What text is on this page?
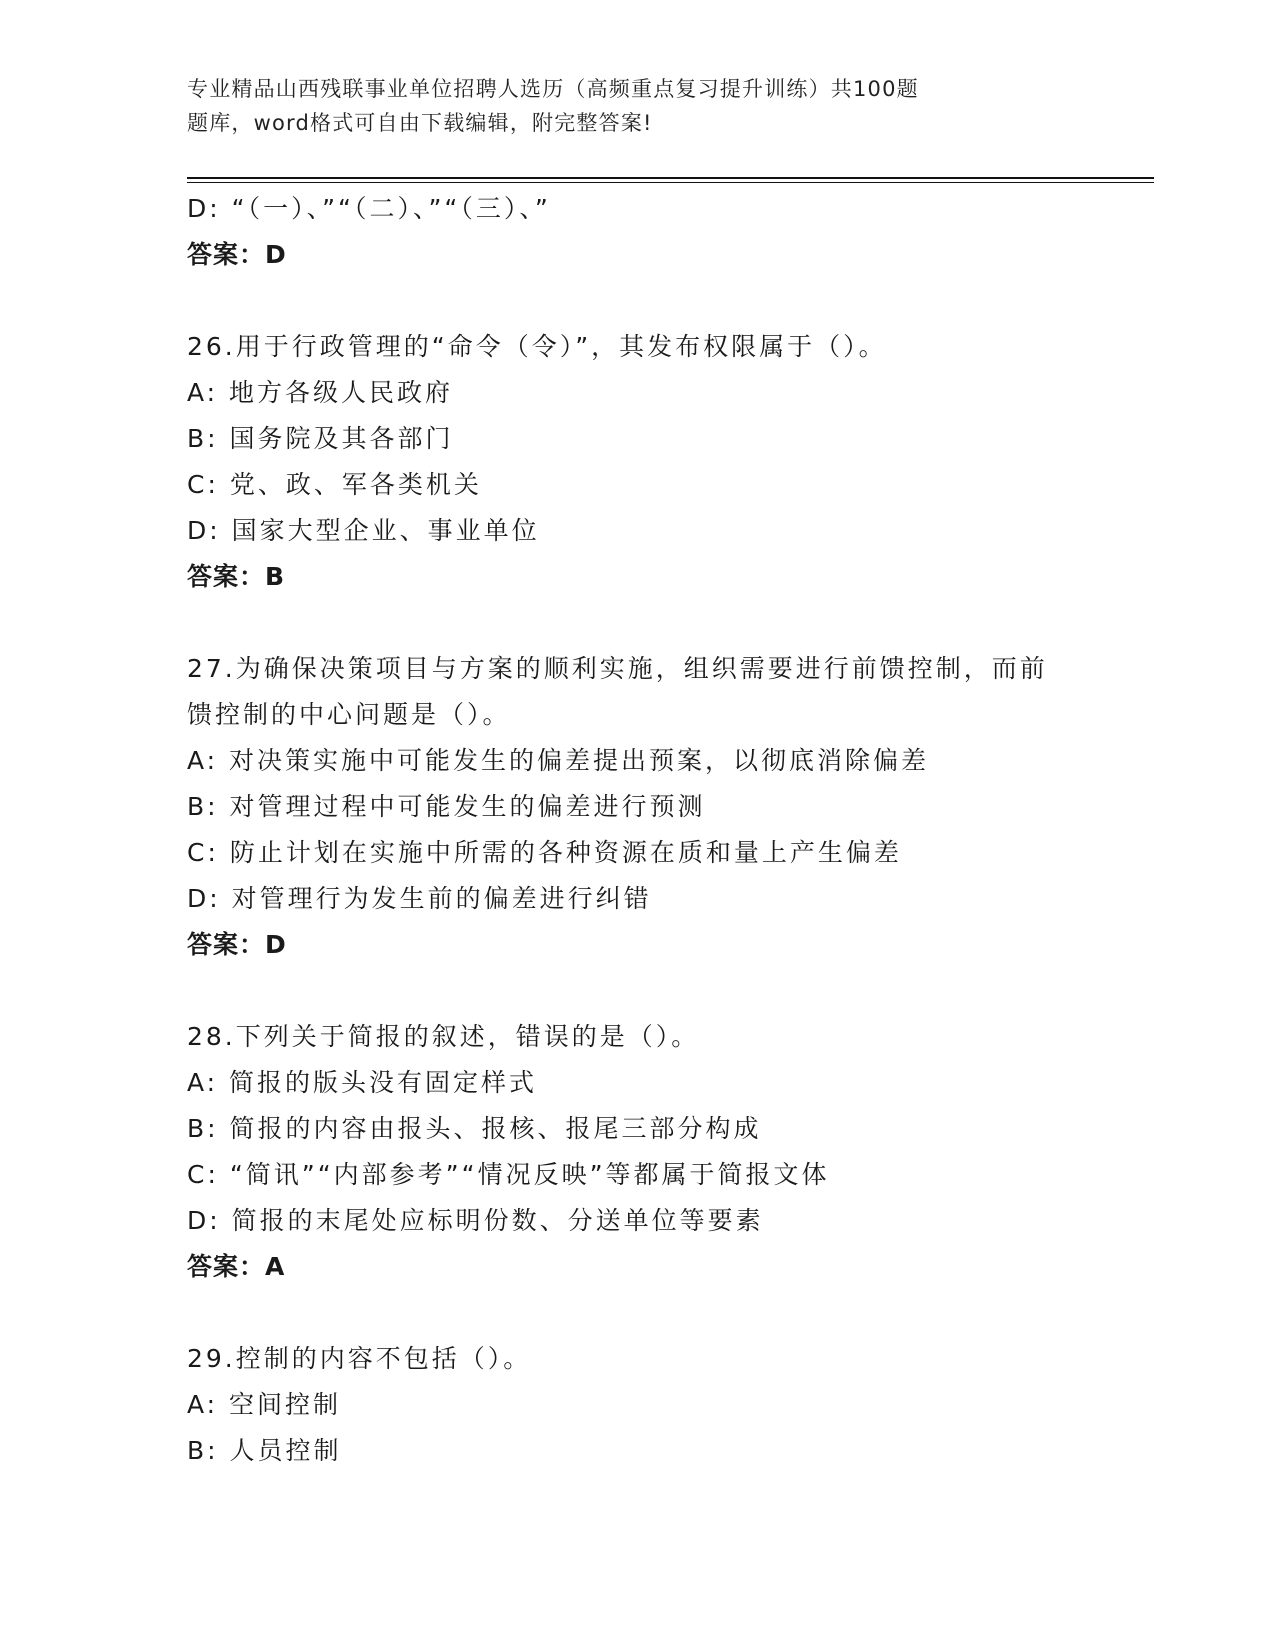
专业精品山西残联事业单位招聘人选历（高频重点复习提升训练）共100题
题库，word格式可自由下载编辑，附完整答案!
D: “（一）、”“（二）、”“（三）、”
答案：D
26.用于行政管理的“命令（令）”，其发布权限属于（）。
A: 地方各级人民政府
B: 国务院及其各部门
C: 党、政、军各类机关
D: 国家大型企业、事业单位
答案：B
27.为确保决策项目与方案的顺利实施，组织需要进行前馈控制，而前
馈控制的中心问题是（）。
A: 对决策实施中可能发生的偏差提出预案，以彻底消除偏差
B: 对管理过程中可能发生的偏差进行预测
C: 防止计划在实施中所需的各种资源在质和量上产生偏差
D: 对管理行为发生前的偏差进行纠错
答案：D
28.下列关于简报的叙述，错误的是（）。
A: 简报的版头没有固定样式
B: 简报的内容由报头、报核、报尾三部分构成
C: “简讯”“内部参考”“情况反映”等都属于简报文体
D: 简报的末尾处应标明份数、分送单位等要素
答案：A
29.控制的内容不包括（）。
A: 空间控制
B: 人员控制
